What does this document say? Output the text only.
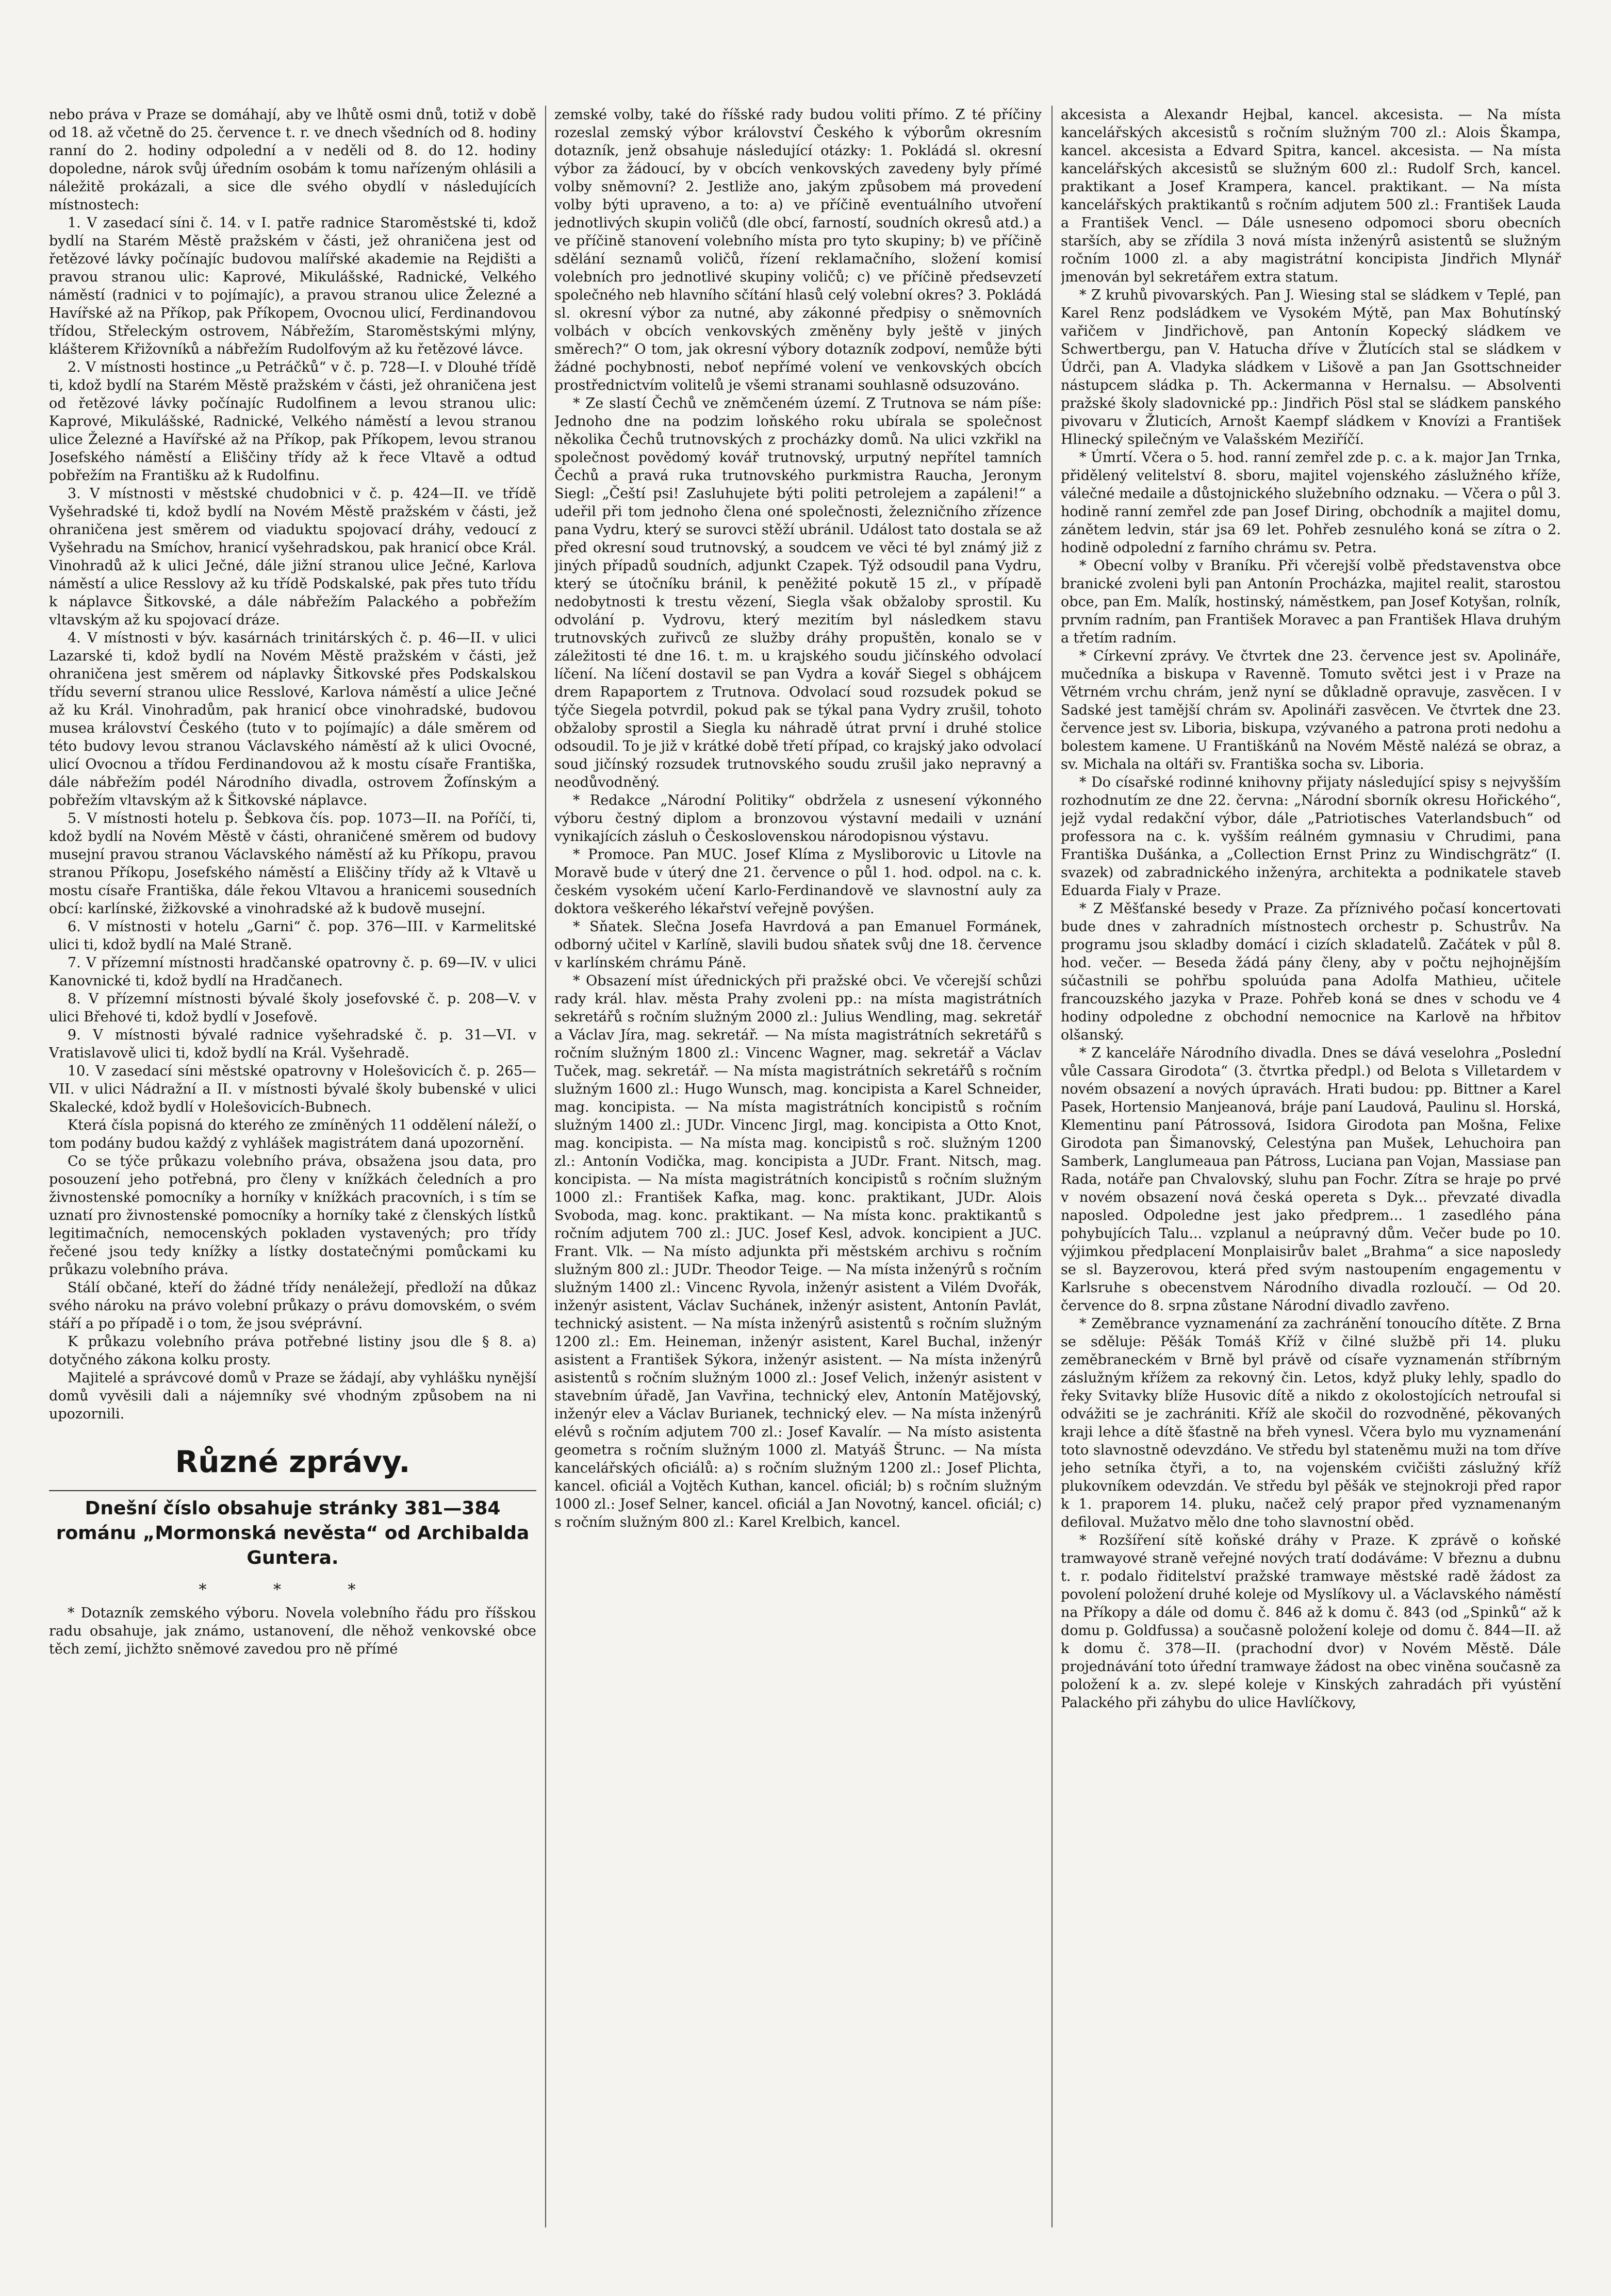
nebo práva v Praze se domáhají, aby ve lhůtě osmi dnů, totiž v době od 18. až včetně do 25. července t. r. ve dnech všedních od 8. hodiny ranní do 2. hodiny odpolední a v neděli od 8. do 12. hodiny dopoledne, nárok svůj úředním osobám k tomu nařízeným ohlásili a náležitě prokázali, a sice dle svého obydlí v následujících místnostech:

1. V zasedací síni č. 14. v I. patře radnice Staroměstské ti, kdož bydlí na Starém Městě pražském v části, jež ohraničena jest od řetězové lávky počínajíc budovou malířské akademie na Rejdišti a pravou stranou ulic: Kaprové, Mikulášské, Radnické, Velkého náměstí (radnici v to pojímajíc), a pravou stranou ulice Železné a Havířské až na Příkop, pak Příkopem, Ovocnou ulicí, Ferdinandovou třídou, Střeleckým ostrovem, Nábřežím, Staroměstskými mlýny, klášterem Křižovníků a nábřežím Rudolfovým až ku řetězové lávce.

2. V místnosti hostince „u Petráčků“ v č. p. 728—I. v Dlouhé třídě ti, kdož bydlí na Starém Městě pražském v části, jež ohraničena jest od řetězové lávky počínajíc Rudolfinem a levou stranou ulic: Kaprové, Mikulášské, Radnické, Velkého náměstí a levou stranou ulice Železné a Havířské až na Příkop, pak Příkopem, levou stranou Josefského náměstí a Eliščiny třídy až k řece Vltavě a odtud pobřežím na Františku až k Rudolfinu.

3. V místnosti v městské chudobnici v č. p. 424—II. ve třídě Vyšehradské ti, kdož bydlí na Novém Městě pražském v části, jež ohraničena jest směrem od viaduktu spojovací dráhy, vedoucí z Vyšehradu na Smíchov, hranicí vyšehradskou, pak hranicí obce Král. Vinohradů až k ulici Ječné, dále jižní stranou ulice Ječné, Karlova náměstí a ulice Resslovy až ku třídě Podskalské, pak přes tuto třídu k náplavce Šitkovské, a dále nábřežím Palackého a pobřežím vltavským až ku spojovací dráze.

4. V místnosti v býv. kasárnách trinitárských č. p. 46—II. v ulici Lazarské ti, kdož bydlí na Novém Městě pražském v části, jež ohraničena jest směrem od náplavky Šitkovské přes Podskalskou třídu severní stranou ulice Resslové, Karlova náměstí a ulice Ječné až ku Král. Vinohradům, pak hranicí obce vinohradské, budovou musea království Českého (tuto v to pojímajíc) a dále směrem od této budovy levou stranou Václavského náměstí až k ulici Ovocné, ulicí Ovocnou a třídou Ferdinandovou až k mostu císaře Františka, dále nábřežím podél Národního divadla, ostrovem Žofínským a pobřežím vltavským až k Šitkovské náplavce.

5. V místnosti hotelu p. Šebkova čís. pop. 1073—II. na Poříčí, ti, kdož bydlí na Novém Městě v části, ohraničené směrem od budovy musejní pravou stranou Václavského náměstí až ku Příkopu, pravou stranou Příkopu, Josefského náměstí a Eliščiny třídy až k Vltavě u mostu císaře Františka, dále řekou Vltavou a hranicemi sousedních obcí: karlínské, žižkovské a vinohradské až k budově musejní.

6. V místnosti v hotelu „Garni“ č. pop. 376—III. v Karmelitské ulici ti, kdož bydlí na Malé Straně.

7. V přízemní místnosti hradčanské opatrovny č. p. 69—IV. v ulici Kanovnické ti, kdož bydlí na Hradčanech.

8. V přízemní místnosti bývalé školy josefovské č. p. 208—V. v ulici Břehové ti, kdož bydlí v Josefově.

9. V místnosti bývalé radnice vyšehradské č. p. 31—VI. v Vratislavově ulici ti, kdož bydlí na Král. Vyšehradě.

10. V zasedací síni městské opatrovny v Holešovicích č. p. 265—VII. v ulici Nádražní a II. v místnosti bývalé školy bubenské v ulici Skalecké, kdož bydlí v Holešovicích-Bubnech.

Která čísla popisná do kterého ze zmíněných 11 oddělení náleží, o tom podány budou každý z vyhlášek magistrátem daná upozornění.

Co se týče průkazu volebního práva, obsažena jsou data, pro posouzení jeho potřebná, pro členy v knížkách čeledních a pro živnostenské pomocníky a horníky v knížkách pracovních, i s tím se uznatí pro živnostenské pomocníky a horníky také z členských lístků legitimačních, nemocenských pokladen vystavených; pro třídy řečené jsou tedy knížky a lístky dostatečnými pomůckami ku průkazu volebního práva.

Stálí občané, kteří do žádné třídy nenáležejí, předloží na důkaz svého nároku na právo volební průkazy o právu domovském, o svém stáří a po případě i o tom, že jsou svéprávní.

K průkazu volebního práva potřebné listiny jsou dle § 8. a) dotyčného zákona kolku prosty.

Majitelé a správcové domů v Praze se žádají, aby vyhlášku nynější domů vyvěsili dali a nájemníky své vhodným způsobem na ni upozornili.

Různé zprávy.
Dnešní číslo obsahuje stránky 381—384 románu „Mormonská nevěsta“ od Archibalda Guntera.
* * *

* Dotazník zemského výboru. Novela volebního řádu pro říšskou radu obsahuje, jak známo, ustanovení, dle něhož venkovské obce těch zemí, jichžto sněmové zavedou pro ně přímé

zemské volby, také do říšské rady budou voliti přímo. Z té příčiny rozeslal zemský výbor království Českého k výborům okresním dotazník, jenž obsahuje následující otázky: 1. Pokládá sl. okresní výbor za žádoucí, by v obcích venkovských zavedeny byly přímé volby sněmovní? 2. Jestliže ano, jakým způsobem má provedení volby býti upraveno, a to: a) ve příčině eventuálního utvoření jednotlivých skupin voličů (dle obcí, farností, soudních okresů atd.) a ve příčině stanovení volebního místa pro tyto skupiny; b) ve příčině sdělání seznamů voličů, řízení reklamačního, složení komisí volebních pro jednotlivé skupiny voličů; c) ve příčině předsevzetí společného neb hlavního sčítání hlasů celý volební okres? 3. Pokládá sl. okresní výbor za nutné, aby zákonné předpisy o sněmovních volbách v obcích venkovských změněny byly ještě v jiných směrech?“ O tom, jak okresní výbory dotazník zodpoví, nemůže býti žádné pochybnosti, neboť nepřímé volení ve venkovských obcích prostřednictvím volitelů je všemi stranami souhlasně odsuzováno.

* Ze slastí Čechů ve zněmčeném území. Z Trutnova se nám píše: Jednoho dne na podzim loňského roku ubírala se společnost několika Čechů trutnovských z procházky domů. Na ulici vzkřikl na společnost povědomý kovář trutnovský, urputný nepřítel tamních Čechů a pravá ruka trutnovského purkmistra Raucha, Jeronym Siegl: „Čeští psi! Zasluhujete býti politi petrolejem a zapáleni!“ a udeřil při tom jednoho člena oné společnosti, železničního zřízence pana Vydru, který se surovci stěží ubránil. Událost tato dostala se až před okresní soud trutnovský, a soudcem ve věci té byl známý již z jiných případů soudních, adjunkt Czapek. Týž odsoudil pana Vydru, který se útočníku bránil, k peněžité pokutě 15 zl., v případě nedobytnosti k trestu vězení, Siegla však obžaloby sprostil. Ku odvolání p. Vydrovu, který mezitím byl následkem stavu trutnovských zuřivců ze služby dráhy propuštěn, konalo se v záležitosti té dne 16. t. m. u krajského soudu jičínského odvolací líčení. Na líčení dostavil se pan Vydra a kovář Siegel s obhájcem drem Rapaportem z Trutnova. Odvolací soud rozsudek pokud se týče Siegela potvrdil, pokud pak se týkal pana Vydry zrušil, tohoto obžaloby sprostil a Siegla ku náhradě útrat první i druhé stolice odsoudil. To je již v krátké době třetí případ, co krajský jako odvolací soud jičínský rozsudek trutnovského soudu zrušil jako nepravný a neodůvodněný.

* Redakce „Národní Politiky“ obdržela z usnesení výkonného výboru čestný diplom a bronzovou výstavní medaili v uznání vynikajících zásluh o Československou národopisnou výstavu.

* Promoce. Pan MUC. Josef Klíma z Mysliborovic u Litovle na Moravě bude v úterý dne 21. července o půl 1. hod. odpol. na c. k. českém vysokém učení Karlo-Ferdinandově ve slavnostní auly za doktora veškerého lékařství veřejně povýšen.

* Sňatek. Slečna Josefa Havrdová a pan Emanuel Formánek, odborný učitel v Karlíně, slavili budou sňatek svůj dne 18. července v karlínském chrámu Páně.

* Obsazení míst úřednických při pražské obci. Ve včerejší schůzi rady král. hlav. města Prahy zvoleni pp.: na místa magistrátních sekretářů s ročním služným 2000 zl.: Julius Wendling, mag. sekretář a Václav Jíra, mag. sekretář. — Na místa magistrátních sekretářů s ročním služným 1800 zl.: Vincenc Wagner, mag. sekretář a Václav Tuček, mag. sekretář. — Na místa magistrátních sekretářů s ročním služným 1600 zl.: Hugo Wunsch, mag. koncipista a Karel Schneider, mag. koncipista. — Na místa magistrátních koncipistů s ročním služným 1400 zl.: JUDr. Vincenc Jirgl, mag. koncipista a Otto Knot, mag. koncipista. — Na místa mag. koncipistů s roč. služným 1200 zl.: Antonín Vodička, mag. koncipista a JUDr. Frant. Nitsch, mag. koncipista. — Na místa magistrátních koncipistů s ročním služným 1000 zl.: František Kafka, mag. konc. praktikant, JUDr. Alois Svoboda, mag. konc. praktikant. — Na místa konc. praktikantů s ročním adjutem 700 zl.: JUC. Josef Kesl, advok. koncipient a JUC. Frant. Vlk. — Na místo adjunkta při městském archivu s ročním služným 800 zl.: JUDr. Theodor Teige. — Na místa inženýrů s ročním služným 1400 zl.: Vincenc Ryvola, inženýr asistent a Vilém Dvořák, inženýr asistent, Václav Suchánek, inženýr asistent, Antonín Pavlát, technický asistent. — Na místa inženýrů asistentů s ročním služným 1200 zl.: Em. Heineman, inženýr asistent, Karel Buchal, inženýr asistent a František Sýkora, inženýr asistent. — Na místa inženýrů asistentů s ročním služným 1000 zl.: Josef Velich, inženýr asistent v stavebním úřadě, Jan Vavřina, technický elev, Antonín Matějovský, inženýr elev a Václav Burianek, technický elev. — Na místa inženýrů elévů s ročním adjutem 700 zl.: Josef Kavalír. — Na místo asistenta geometra s ročním služným 1000 zl. Matyáš Štrunc. — Na místa kancelářských oficiálů: a) s ročním služným 1200 zl.: Josef Plichta, kancel. oficiál a Vojtěch Kuthan, kancel. oficiál; b) s ročním služným 1000 zl.: Josef Selner, kancel. oficiál a Jan Novotný, kancel. oficiál; c) s ročním služným 800 zl.: Karel Krelbich, kancel.

akcesista a Alexandr Hejbal, kancel. akcesista. — Na místa kancelářských akcesistů s ročním služným 700 zl.: Alois Škampa, kancel. akcesista a Edvard Spitra, kancel. akcesista. — Na místa kancelářských akcesistů se služným 600 zl.: Rudolf Srch, kancel. praktikant a Josef Krampera, kancel. praktikant. — Na místa kancelářských praktikantů s ročním adjutem 500 zl.: František Lauda a František Vencl. — Dále usneseno odpomoci sboru obecních starších, aby se zřídila 3 nová místa inženýrů asistentů se služným ročním 1000 zl. a aby magistrátní koncipista Jindřich Mlynář jmenován byl sekretářem extra statum.

* Z kruhů pivovarských. Pan J. Wiesing stal se sládkem v Teplé, pan Karel Renz podsládkem ve Vysokém Mýtě, pan Max Bohutínský vařičem v Jindřichově, pan Antonín Kopecký sládkem ve Schwertbergu, pan V. Hatucha dříve v Žlutících stal se sládkem v Údrči, pan A. Vladyka sládkem v Lišově a pan Jan Gsottschneider nástupcem sládka p. Th. Ackermanna v Hernalsu. — Absolventi pražské školy sladovnické pp.: Jindřich Pösl stal se sládkem panského pivovaru v Žluticích, Arnošt Kaempf sládkem v Knovízi a František Hlinecký spilečným ve Valašském Meziříčí.

* Úmrtí. Včera o 5. hod. ranní zemřel zde p. c. a k. major Jan Trnka, přidělený velitelství 8. sboru, majitel vojenského záslužného kříže, válečné medaile a důstojnického služebního odznaku. — Včera o půl 3. hodině ranní zemřel zde pan Josef Diring, obchodník a majitel domu, zánětem ledvin, stár jsa 69 let. Pohřeb zesnulého koná se zítra o 2. hodině odpolední z farního chrámu sv. Petra.

* Obecní volby v Braníku. Při včerejší volbě představenstva obce branické zvoleni byli pan Antonín Procházka, majitel realit, starostou obce, pan Em. Malík, hostinský, náměstkem, pan Josef Kotyšan, rolník, prvním radním, pan František Moravec a pan František Hlava druhým a třetím radním.

* Církevní zprávy. Ve čtvrtek dne 23. července jest sv. Apolináře, mučedníka a biskupa v Ravenně. Tomuto světci jest i v Praze na Větrném vrchu chrám, jenž nyní se důkladně opravuje, zasvěcen. I v Sadské jest tamější chrám sv. Apolináři zasvěcen. Ve čtvrtek dne 23. července jest sv. Liboria, biskupa, vzývaného a patrona proti nedohu a bolestem kamene. U Františkánů na Novém Městě nalézá se obraz, a sv. Michala na oltáři sv. Františka socha sv. Liboria.

* Do císařské rodinné knihovny přijaty následující spisy s nejvyšším rozhodnutím ze dne 22. června: „Národní sborník okresu Hořického“, jejž vydal redakční výbor, dále „Patriotisches Vaterlandsbuch“ od professora na c. k. vyšším reálném gymnasiu v Chrudimi, pana Františka Dušánka, a „Collection Ernst Prinz zu Windischgrätz“ (I. svazek) od zabradnického inženýra, architekta a podnikatele staveb Eduarda Fialy v Praze.

* Z Měšťanské besedy v Praze. Za příznivého počasí koncertovati bude dnes v zahradních místnostech orchestr p. Schustrův. Na programu jsou skladby domácí i cizích skladatelů. Začátek v půl 8. hod. večer. — Beseda žádá pány členy, aby v počtu nejhojnějším súčastnili se pohřbu spoluúda pana Adolfa Mathieu, učitele francouzského jazyka v Praze. Pohřeb koná se dnes v schodu ve 4 hodiny odpoledne z obchodní nemocnice na Karlově na hřbitov olšanský.

* Z kanceláře Národního divadla. Dnes se dává veselohra „Poslední vůle Cassara Girodota“ (3. čtvrtka předpl.) od Belota s Villetardem v novém obsazení a nových úpravách. Hrati budou: pp. Bittner a Karel Pasek, Hortensio Manjeanová, bráje paní Laudová, Paulinu sl. Horská, Klementinu paní Pátrossová, Isidora Girodota pan Mošna, Felixe Girodota pan Šimanovský, Celestýna pan Mušek, Lehuchoira pan Samberk, Langlumeaua pan Pátross, Luciana pan Vojan, Massiase pan Rada, notáře pan Chvalovský, sluhu pan Fochr. Zítra se hraje po prvé v novém obsazení nová česká opereta s Dyk... převzaté divadla naposled. Odpoledne jest jako předprem... 1 zasedlého pána pohybujících Talu... vzplanul a neúpravný dům. Večer bude po 10. výjimkou předplacení Monplaisirův balet „Brahma“ a sice naposledy se sl. Bayzerovou, která před svým nastoupením engagementu v Karlsruhe s obecenstvem Národního divadla rozloučí. — Od 20. července do 8. srpna zůstane Národní divadlo zavřeno.

* Zeměbrance vyznamenání za zachránění tonoucího dítěte. Z Brna se sděluje: Pěšák Tomáš Kříž v čilné službě při 14. pluku zeměbraneckém v Brně byl právě od císaře vyznamenán stříbrným záslužným křížem za rekovný čin. Letos, když pluky lehly, spadlo do řeky Svitavky blíže Husovic dítě a nikdo z okolostojících netroufal si odvážiti se je zachrániti. Kříž ale skočil do rozvodněné, pěkovaných kraji lehce a dítě šťastně na břeh vynesl. Včera bylo mu vyznamenání toto slavnostně odevzdáno. Ve středu byl stateněmu muži na tom dříve jeho setníka čtyři, a to, na vojenském cvičišti záslužný kříž plukovníkem odevzdán. Ve středu byl pěšák ve stejnokroji před rapor k 1. praporem 14. pluku, načež celý prapor před vyznamenaným defiloval. Mužatvo mělo dne toho slavnostní oběd.

* Rozšíření sítě koňské dráhy v Praze. K zprávě o koňské tramwayové straně veřejné nových tratí dodáváme: V březnu a dubnu t. r. podalo řiditelství pražské tramwaye městské radě žádost za povolení položení druhé koleje od Myslíkovy ul. a Václavského náměstí na Příkopy a dále od domu č. 846 až k domu č. 843 (od „Spinků“ až k domu p. Goldfussa) a současně položení koleje od domu č. 844—II. až k domu č. 378—II. (prachodní dvor) v Novém Městě. Dále projednávání toto úřední tramwaye žádost na obec viněna současně za položení k a. zv. slepé koleje v Kinských zahradách při vyústění Palackého při záhybu do ulice Havlíčkovy,
